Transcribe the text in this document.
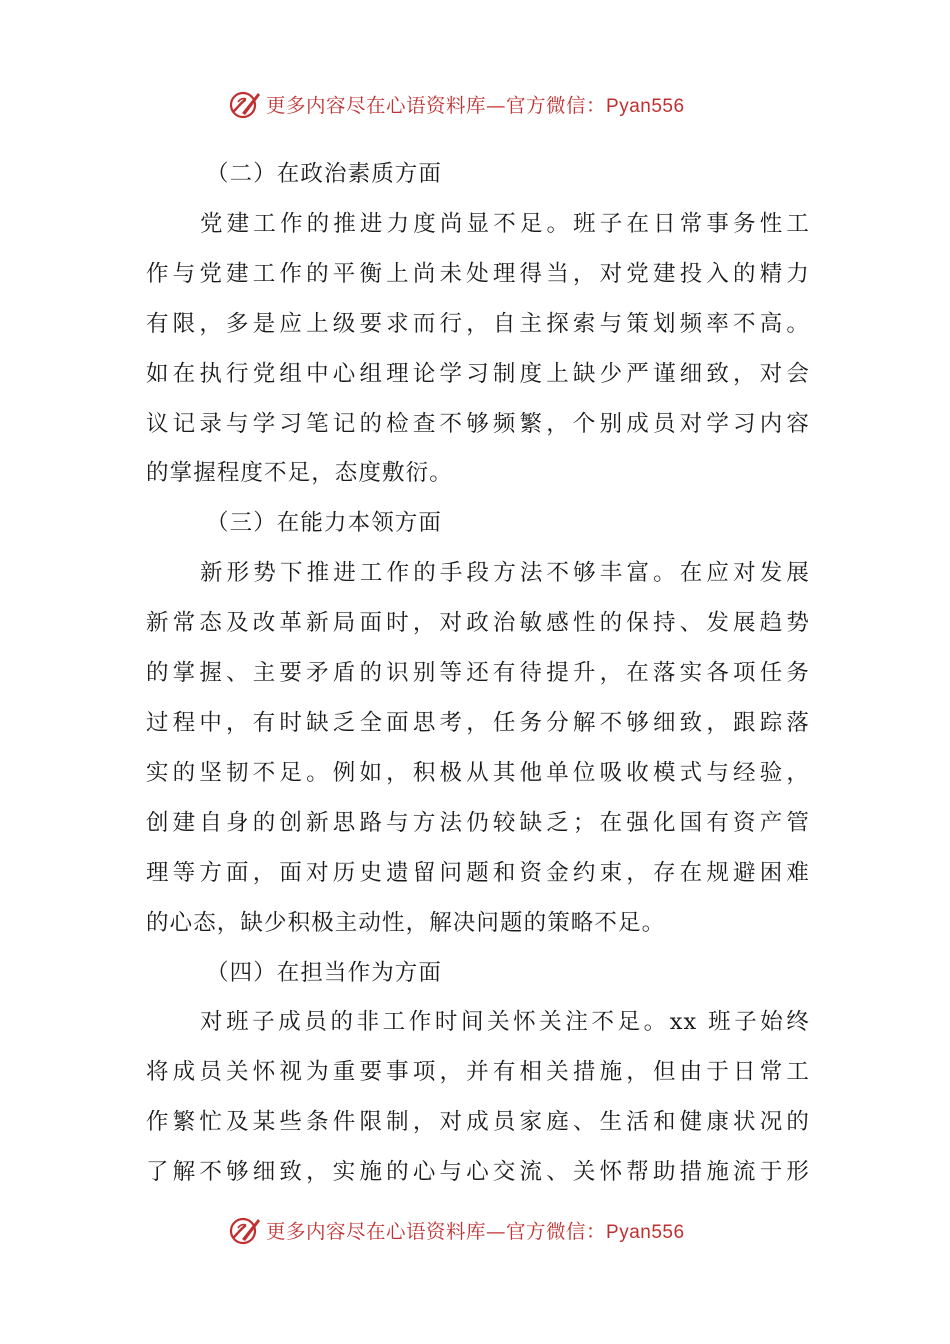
更多内容尽在心语资料库—官方微信：Pyan556

（二）在政治素质方面

党建工作的推进力度尚显不足。班子在日常事务性工
作与党建工作的平衡上尚未处理得当，对党建投入的精力
有限，多是应上级要求而行，自主探索与策划频率不高。
如在执行党组中心组理论学习制度上缺少严谨细致，对会
议记录与学习笔记的检查不够频繁，个别成员对学习内容
的掌握程度不足，态度敷衍。

（三）在能力本领方面

新形势下推进工作的手段方法不够丰富。在应对发展
新常态及改革新局面时，对政治敏感性的保持、发展趋势
的掌握、主要矛盾的识别等还有待提升，在落实各项任务
过程中，有时缺乏全面思考，任务分解不够细致，跟踪落
实的坚韧不足。例如，积极从其他单位吸收模式与经验，
创建自身的创新思路与方法仍较缺乏；在强化国有资产管
理等方面，面对历史遗留问题和资金约束，存在规避困难
的心态，缺少积极主动性，解决问题的策略不足。

（四）在担当作为方面

对班子成员的非工作时间关怀关注不足。xx 班子始终
将成员关怀视为重要事项，并有相关措施，但由于日常工
作繁忙及某些条件限制，对成员家庭、生活和健康状况的
了解不够细致，实施的心与心交流、关怀帮助措施流于形
更多内容尽在心语资料库—官方微信：Pyan556
